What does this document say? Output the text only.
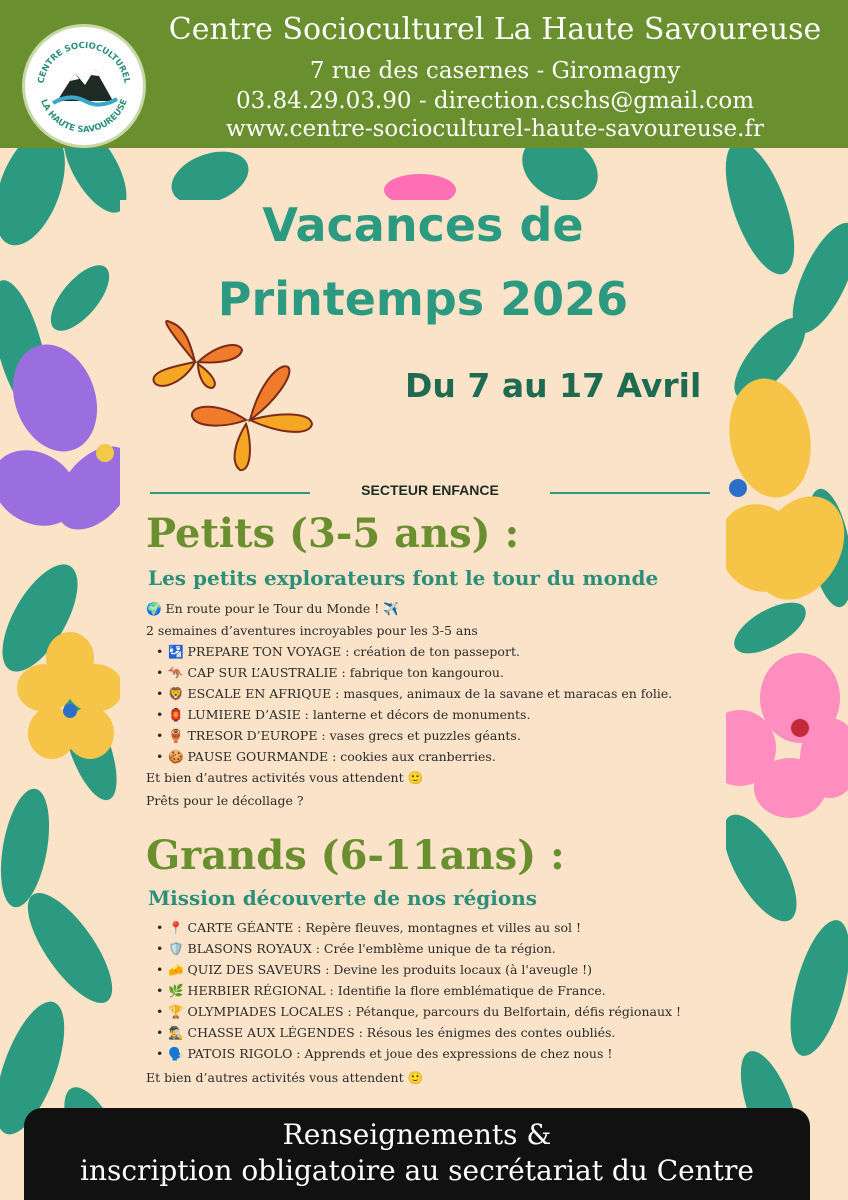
CENTRE SOCIOCULTUREL
LA HAUTE SAVOUREUSE
Centre Socioculturel La Haute Savoureuse
7 rue des casernes - Giromagny
03.84.29.03.90 - direction.cschs@gmail.com
www.centre-socioculturel-haute-savoureuse.fr
Vacances de
Printemps 2026
Du 7 au 17 Avril
SECTEUR ENFANCE
Petits (3-5 ans) :
Les petits explorateurs font le tour du monde
🌍 En route pour le Tour du Monde ! ✈️
2 semaines d’aventures incroyables pour les 3-5 ans
• 🛂 PREPARE TON VOYAGE : création de ton passeport.
• 🦘 CAP SUR L’AUSTRALIE : fabrique ton kangourou.
• 🦁 ESCALE EN AFRIQUE : masques, animaux de la savane et maracas en folie.
• 🏮 LUMIERE D’ASIE : lanterne et décors de monuments.
• 🏺 TRESOR D’EUROPE : vases grecs et puzzles géants.
• 🍪 PAUSE GOURMANDE : cookies aux cranberries.
Et bien d’autres activités vous attendent 🙂
Prêts pour le décollage ?
Grands (6-11ans) :
Mission découverte de nos régions
• 📍 CARTE GÉANTE : Repère fleuves, montagnes et villes au sol !
• 🛡️ BLASONS ROYAUX : Crée l'emblème unique de ta région.
• 🧀 QUIZ DES SAVEURS : Devine les produits locaux (à l'aveugle !)
• 🌿 HERBIER RÉGIONAL : Identifie la flore emblématique de France.
• 🏆 OLYMPIADES LOCALES : Pétanque, parcours du Belfortain, défis régionaux !
• 🕵️‍♂️ CHASSE AUX LÉGENDES : Résous les énigmes des contes oubliés.
• 🗣️ PATOIS RIGOLO : Apprends et joue des expressions de chez nous !
Et bien d’autres activités vous attendent 🙂
Renseignements &
inscription obligatoire au secrétariat du Centre
